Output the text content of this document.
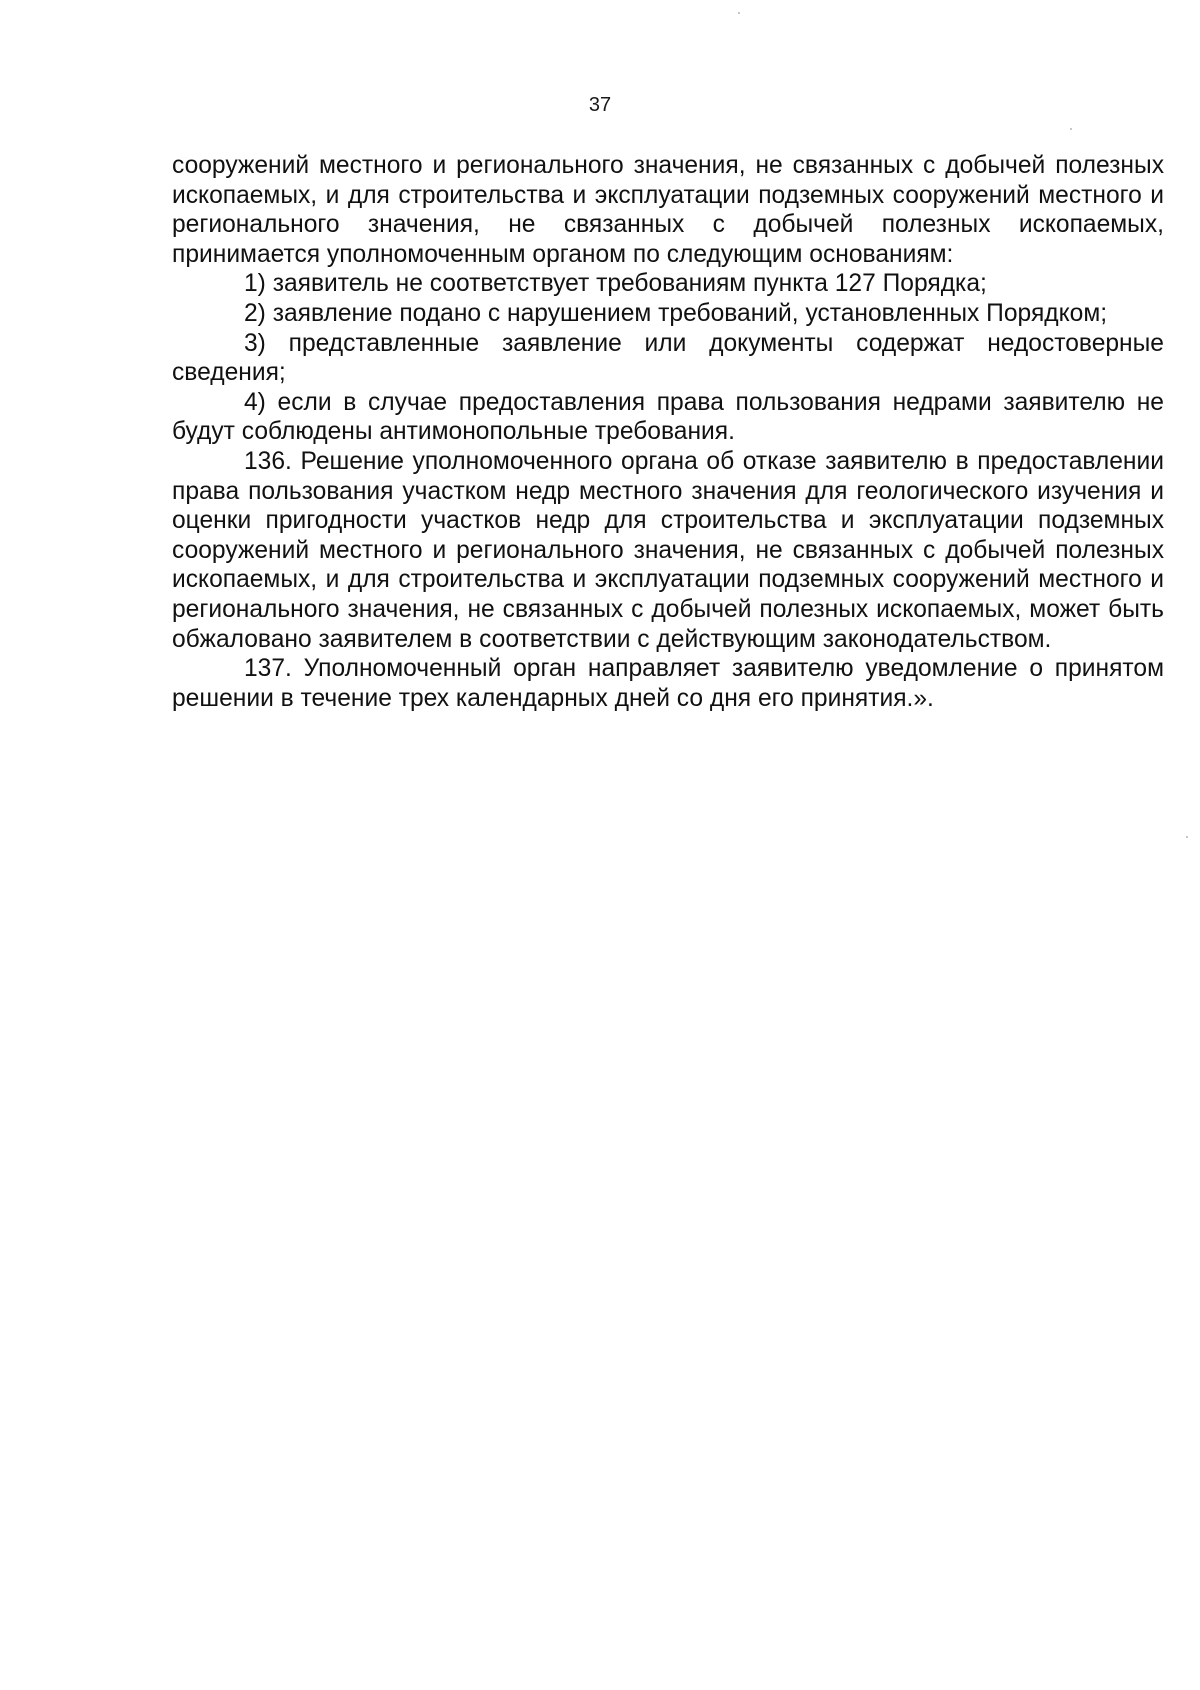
37

сооружений местного и регионального значения, не связанных с добычей полезных ископаемых, и для строительства и эксплуатации подземных сооружений местного и регионального значения, не связанных с добычей полезных ископаемых, принимается уполномоченным органом по следующим основаниям:

1) заявитель не соответствует требованиям пункта 127 Порядка;

2) заявление подано с нарушением требований, установленных Порядком;

3) представленные заявление или документы содержат недостоверные сведения;

4) если в случае предоставления права пользования недрами заявителю не будут соблюдены антимонопольные требования.

136. Решение уполномоченного органа об отказе заявителю в предоставлении права пользования участком недр местного значения для геологического изучения и оценки пригодности участков недр для строительства и эксплуатации подземных сооружений местного и регионального значения, не связанных с добычей полезных ископаемых, и для строительства и эксплуатации подземных сооружений местного и регионального значения, не связанных с добычей полезных ископаемых, может быть обжаловано заявителем в соответствии с действующим законодательством.

137. Уполномоченный орган направляет заявителю уведомление о принятом решении в течение трех календарных дней со дня его принятия.».
